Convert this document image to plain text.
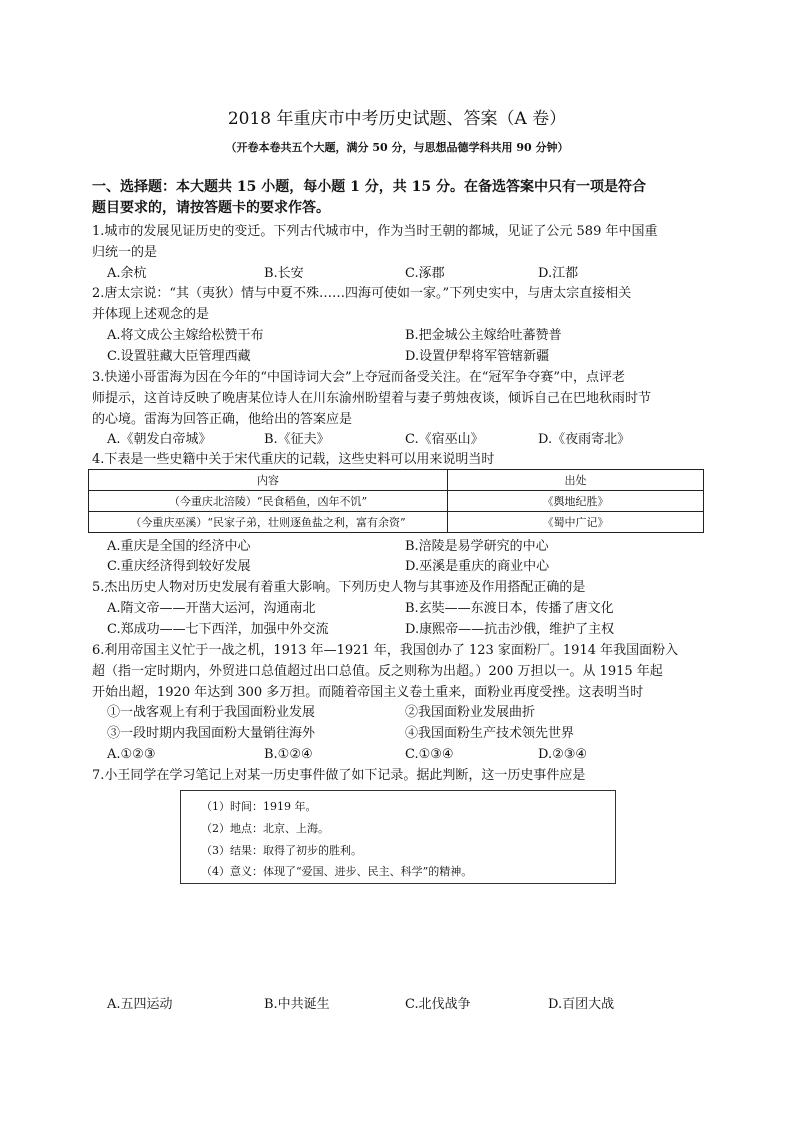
2018 年重庆市中考历史试题、答案（A 卷）
（开卷本卷共五个大题，满分 50 分，与思想品德学科共用 90 分钟）
一、选择题：本大题共 15 小题，每小题 1 分，共 15 分。在备选答案中只有一项是符合
题目要求的，请按答题卡的要求作答。
1.城市的发展见证历史的变迁。下列古代城市中，作为当时王朝的都城，见证了公元 589 年中国重
归统一的是
A.余杭	B.长安	C.涿郡	D.江都
2.唐太宗说：“其（夷狄）情与中夏不殊……四海可使如一家。”下列史实中，与唐太宗直接相关
并体现上述观念的是
A.将文成公主嫁给松赞干布	B.把金城公主嫁给吐蕃赞普
C.设置驻藏大臣管理西藏	D.设置伊犁将军管辖新疆
3.快递小哥雷海为因在今年的“中国诗词大会”上夺冠而备受关注。在“冠军争夺赛”中，点评老
师提示，这首诗反映了晚唐某位诗人在川东渝州盼望着与妻子剪烛夜谈，倾诉自己在巴地秋雨时节
的心境。雷海为回答正确，他给出的答案应是
A.《朝发白帝城》	B.《征夫》	C.《宿巫山》	D.《夜雨寄北》
4.下表是一些史籍中关于宋代重庆的记载，这些史料可以用来说明当时
内容	出处
（今重庆北涪陵）“民食稻鱼，凶年不饥”	《舆地纪胜》
（今重庆巫溪）“民家子弟，壮则逐鱼盐之利，富有余资”	《蜀中广记》
A.重庆是全国的经济中心	B.涪陵是易学研究的中心
C.重庆经济得到较好发展	D.巫溪是重庆的商业中心
5.杰出历史人物对历史发展有着重大影响。下列历史人物与其事迹及作用搭配正确的是
A.隋文帝——开凿大运河，沟通南北	B.玄奘——东渡日本，传播了唐文化
C.郑成功——七下西洋，加强中外交流	D.康熙帝——抗击沙俄，维护了主权
6.利用帝国主义忙于一战之机，1913 年—1921 年，我国创办了 123 家面粉厂。1914 年我国面粉入
超（指一定时期内，外贸进口总值超过出口总值。反之则称为出超。）200 万担以一。从 1915 年起
开始出超，1920 年达到 300 多万担。而随着帝国主义卷土重来，面粉业再度受挫。这表明当时
①一战客观上有利于我国面粉业发展	②我国面粉业发展曲折
③一段时期内我国面粉大量销往海外	④我国面粉生产技术领先世界
A.①②③	B.①②④	C.①③④	D.②③④
7.小王同学在学习笔记上对某一历史事件做了如下记录。据此判断，这一历史事件应是
（1）时间：1919 年。
（2）地点：北京、上海。
（3）结果：取得了初步的胜利。
（4）意义：体现了“爱国、进步、民主、科学”的精神。
A.五四运动	B.中共诞生	C.北伐战争	D.百团大战
